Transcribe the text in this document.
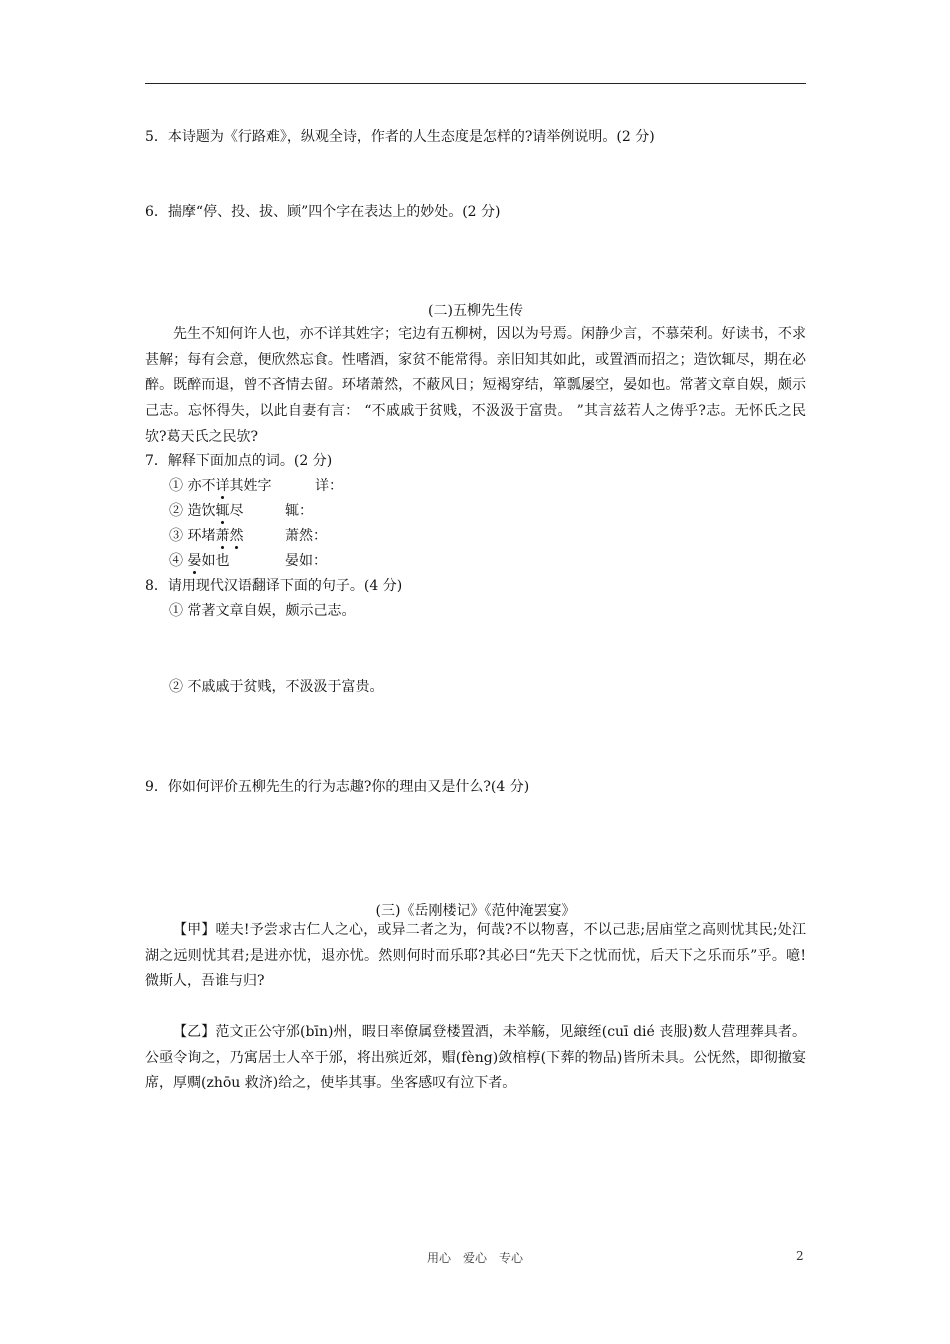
5．本诗题为《行路难》，纵观全诗，作者的人生态度是怎样的?请举例说明。(2 分)
6．揣摩“停、投、拔、顾”四个字在表达上的妙处。(2 分)
(二)五柳先生传
先生不知何许人也，亦不详其姓字；宅边有五柳树，因以为号焉。闲静少言，不慕荣利。好读书，不求甚解；每有会意，便欣然忘食。性嗜酒，家贫不能常得。亲旧知其如此，或置酒而招之；造饮辄尽，期在必醉。既醉而退，曾不吝情去留。环堵萧然，不蔽风日；短褐穿结，箪瓢屡空，晏如也。常著文章自娱，颇示己志。忘怀得失，以此自妻有言： “不戚戚于贫贱，不汲汲于富贵。 ”其言兹若人之俦乎?志。无怀氏之民欤?葛天氏之民欤?
7．解释下面加点的词。(2 分)
① 亦不详其姓字	详：
② 造饮辄尽	辄：
③ 环堵萧然	萧然：
④ 晏如也	晏如：
8．请用现代汉语翻译下面的句子。(4 分)
① 常著文章自娱，颇示己志。
② 不戚戚于贫贱，不汲汲于富贵。
9．你如何评价五柳先生的行为志趣?你的理由又是什么?(4 分)
(三)《岳刚楼记》《范仲淹罢宴》
【甲】嗟夫!予尝求古仁人之心，或异二者之为，何哉?不以物喜，不以己悲;居庙堂之高则忧其民;处江湖之远则忧其君;是进亦忧，退亦忧。然则何时而乐耶?其必曰“先天下之忧而忧，后天下之乐而乐”乎。噫!微斯人，吾谁与归?
【乙】范文正公守邠(bīn)州，暇日率僚属登楼置酒，未举觞，见縗绖(cuī dié 丧服)数人营理葬具者。公亟令询之，乃寓居士人卒于邠，将出殡近郊，赗(fèng)敛棺椁(下葬的物品)皆所未具。公怃然，即彻撤宴席，厚赒(zhōu 救济)给之，使毕其事。坐客感叹有泣下者。
用心　爱心　专心	2
